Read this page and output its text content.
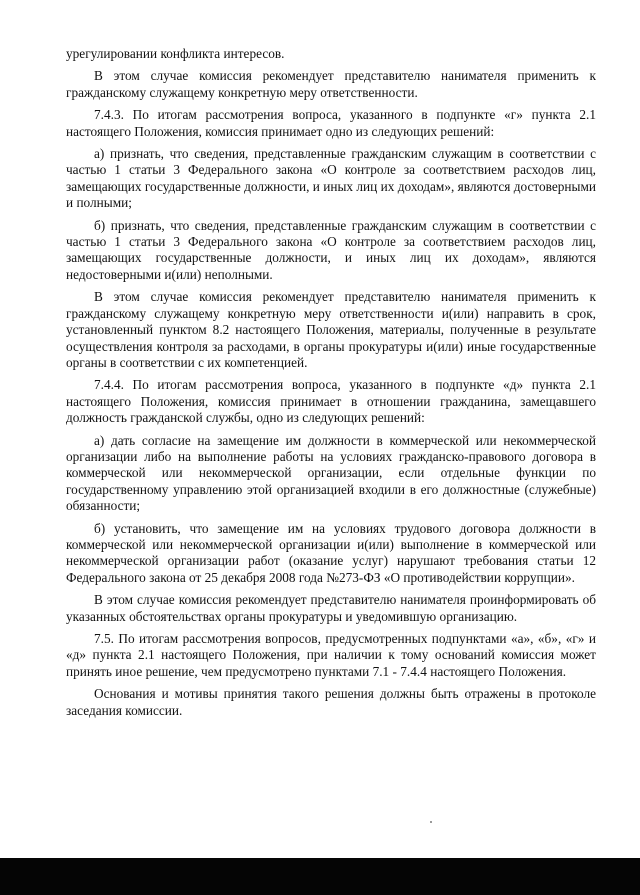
урегулировании конфликта интересов.

В этом случае комиссия рекомендует представителю нанимателя применить к гражданскому служащему конкретную меру ответственности.

7.4.3. По итогам рассмотрения вопроса, указанного в подпункте «г» пункта 2.1 настоящего Положения, комиссия принимает одно из следующих решений:

а) признать, что сведения, представленные гражданским служащим в соответствии с частью 1 статьи 3 Федерального закона «О контроле за соответствием расходов лиц, замещающих государственные должности, и иных лиц их доходам», являются достоверными и полными;

б) признать, что сведения, представленные гражданским служащим в соответствии с частью 1 статьи 3 Федерального закона «О контроле за соответствием расходов лиц, замещающих государственные должности, и иных лиц их доходам», являются недостоверными и(или) неполными.

В этом случае комиссия рекомендует представителю нанимателя применить к гражданскому служащему конкретную меру ответственности и(или) направить в срок, установленный пунктом 8.2 настоящего Положения, материалы, полученные в результате осуществления контроля за расходами, в органы прокуратуры и(или) иные государственные органы в соответствии с их компетенцией.

7.4.4. По итогам рассмотрения вопроса, указанного в подпункте «д» пункта 2.1 настоящего Положения, комиссия принимает в отношении гражданина, замещавшего должность гражданской службы, одно из следующих решений:

а) дать согласие на замещение им должности в коммерческой или некоммерческой организации либо на выполнение работы на условиях гражданско-правового договора в коммерческой или некоммерческой организации, если отдельные функции по государственному управлению этой организацией входили в его должностные (служебные) обязанности;

б) установить, что замещение им на условиях трудового договора должности в коммерческой или некоммерческой организации и(или) выполнение в коммерческой или некоммерческой организации работ (оказание услуг) нарушают требования статьи 12 Федерального закона от 25 декабря 2008 года №273-ФЗ «О противодействии коррупции».

В этом случае комиссия рекомендует представителю нанимателя проинформировать об указанных обстоятельствах органы прокуратуры и уведомившую организацию.

7.5. По итогам рассмотрения вопросов, предусмотренных подпунктами «а», «б», «г» и «д» пункта 2.1 настоящего Положения, при наличии к тому оснований комиссия может принять иное решение, чем предусмотрено пунктами 7.1 - 7.4.4 настоящего Положения.

Основания и мотивы принятия такого решения должны быть отражены в протоколе заседания комиссии.
